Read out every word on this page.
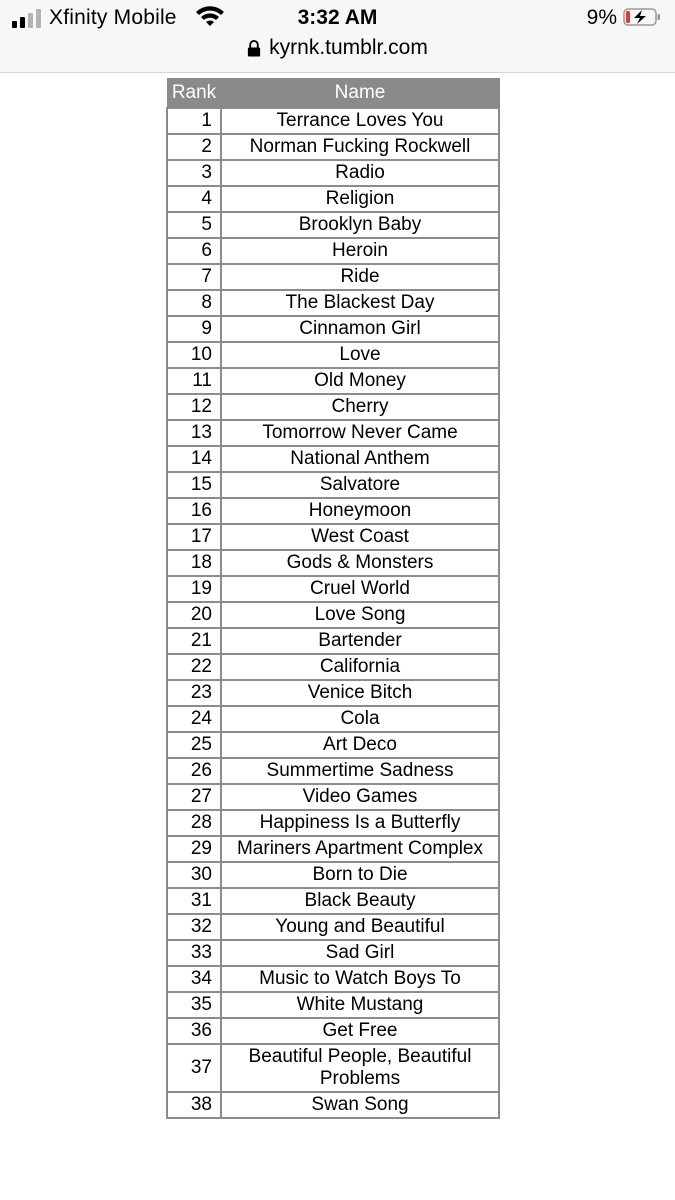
Xfinity Mobile	3:32 AM	9%
kyrnk.tumblr.com
Rank	Name
1	Terrance Loves You
2	Norman Fucking Rockwell
3	Radio
4	Religion
5	Brooklyn Baby
6	Heroin
7	Ride
8	The Blackest Day
9	Cinnamon Girl
10	Love
11	Old Money
12	Cherry
13	Tomorrow Never Came
14	National Anthem
15	Salvatore
16	Honeymoon
17	West Coast
18	Gods & Monsters
19	Cruel World
20	Love Song
21	Bartender
22	California
23	Venice Bitch
24	Cola
25	Art Deco
26	Summertime Sadness
27	Video Games
28	Happiness Is a Butterfly
29	Mariners Apartment Complex
30	Born to Die
31	Black Beauty
32	Young and Beautiful
33	Sad Girl
34	Music to Watch Boys To
35	White Mustang
36	Get Free
37	Beautiful People, Beautiful Problems
38	Swan Song
